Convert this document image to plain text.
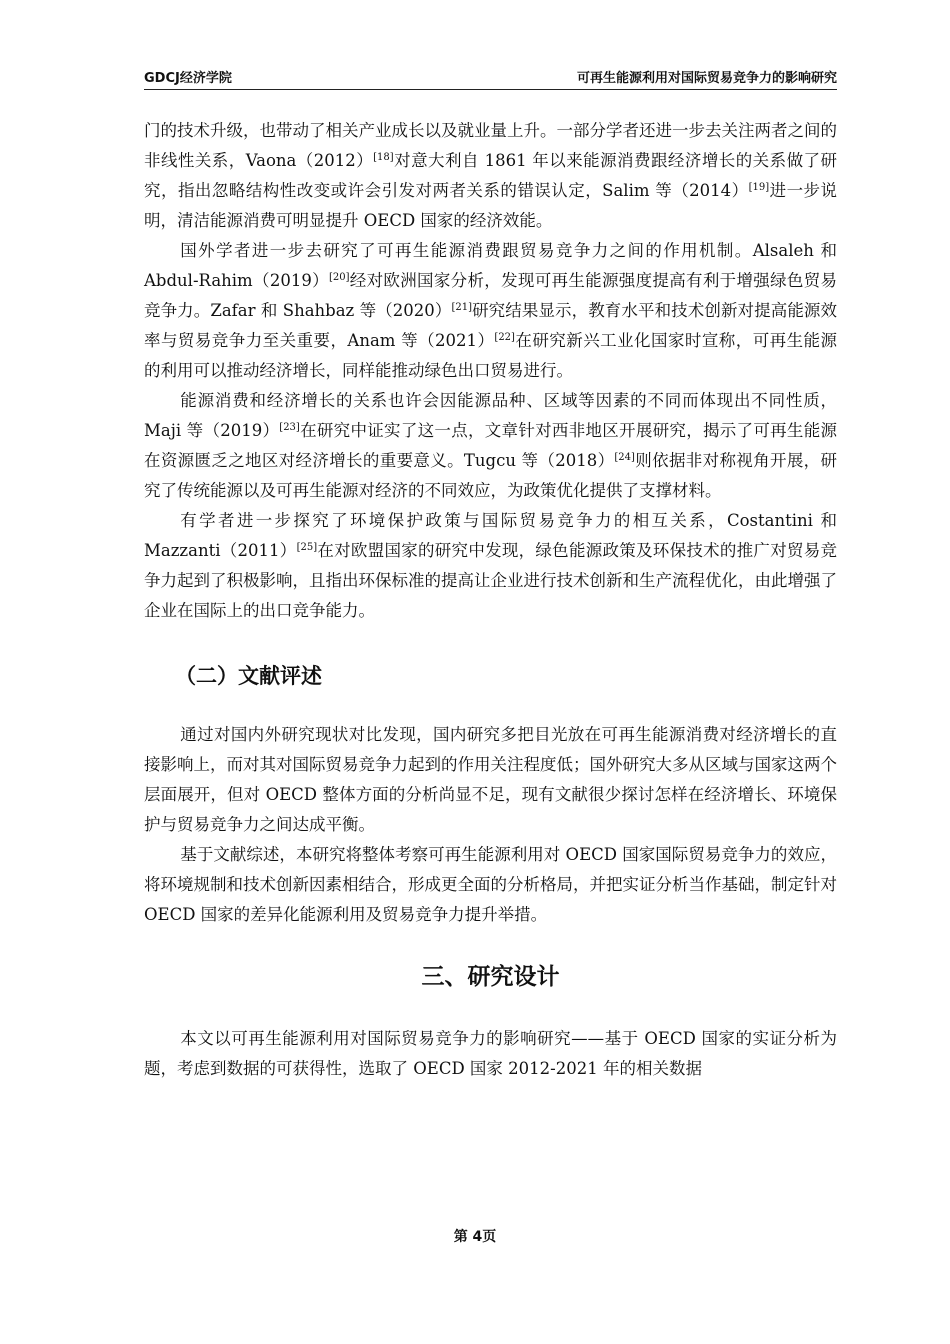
GDCJ经济学院	可再生能源利用对国际贸易竞争力的影响研究

门的技术升级，也带动了相关产业成长以及就业量上升。一部分学者还进一步去关注两者之间的非线性关系，Vaona（2012）[18]对意大利自 1861 年以来能源消费跟经济增长的关系做了研究，指出忽略结构性改变或许会引发对两者关系的错误认定，Salim 等（2014）[19]进一步说明，清洁能源消费可明显提升 OECD 国家的经济效能。

国外学者进一步去研究了可再生能源消费跟贸易竞争力之间的作用机制。Alsaleh 和 Abdul-Rahim（2019）[20]经对欧洲国家分析，发现可再生能源强度提高有利于增强绿色贸易竞争力。Zafar 和 Shahbaz 等（2020）[21]研究结果显示，教育水平和技术创新对提高能源效率与贸易竞争力至关重要，Anam 等（2021）[22]在研究新兴工业化国家时宣称，可再生能源的利用可以推动经济增长，同样能推动绿色出口贸易进行。

能源消费和经济增长的关系也许会因能源品种、区域等因素的不同而体现出不同性质，Maji 等（2019）[23]在研究中证实了这一点，文章针对西非地区开展研究，揭示了可再生能源在资源匮乏之地区对经济增长的重要意义。Tugcu 等（2018）[24]则依据非对称视角开展，研究了传统能源以及可再生能源对经济的不同效应，为政策优化提供了支撑材料。

有学者进一步探究了环境保护政策与国际贸易竞争力的相互关系，Costantini 和 Mazzanti（2011）[25]在对欧盟国家的研究中发现，绿色能源政策及环保技术的推广对贸易竞争力起到了积极影响，且指出环保标准的提高让企业进行技术创新和生产流程优化，由此增强了企业在国际上的出口竞争能力。

（二）文献评述

通过对国内外研究现状对比发现，国内研究多把目光放在可再生能源消费对经济增长的直接影响上，而对其对国际贸易竞争力起到的作用关注程度低；国外研究大多从区域与国家这两个层面展开，但对 OECD 整体方面的分析尚显不足，现有文献很少探讨怎样在经济增长、环境保护与贸易竞争力之间达成平衡。

基于文献综述，本研究将整体考察可再生能源利用对 OECD 国家国际贸易竞争力的效应，将环境规制和技术创新因素相结合，形成更全面的分析格局，并把实证分析当作基础，制定针对 OECD 国家的差异化能源利用及贸易竞争力提升举措。

三、研究设计

本文以可再生能源利用对国际贸易竞争力的影响研究——基于 OECD 国家的实证分析为题，考虑到数据的可获得性，选取了 OECD 国家 2012-2021 年的相关数据

第 4页
